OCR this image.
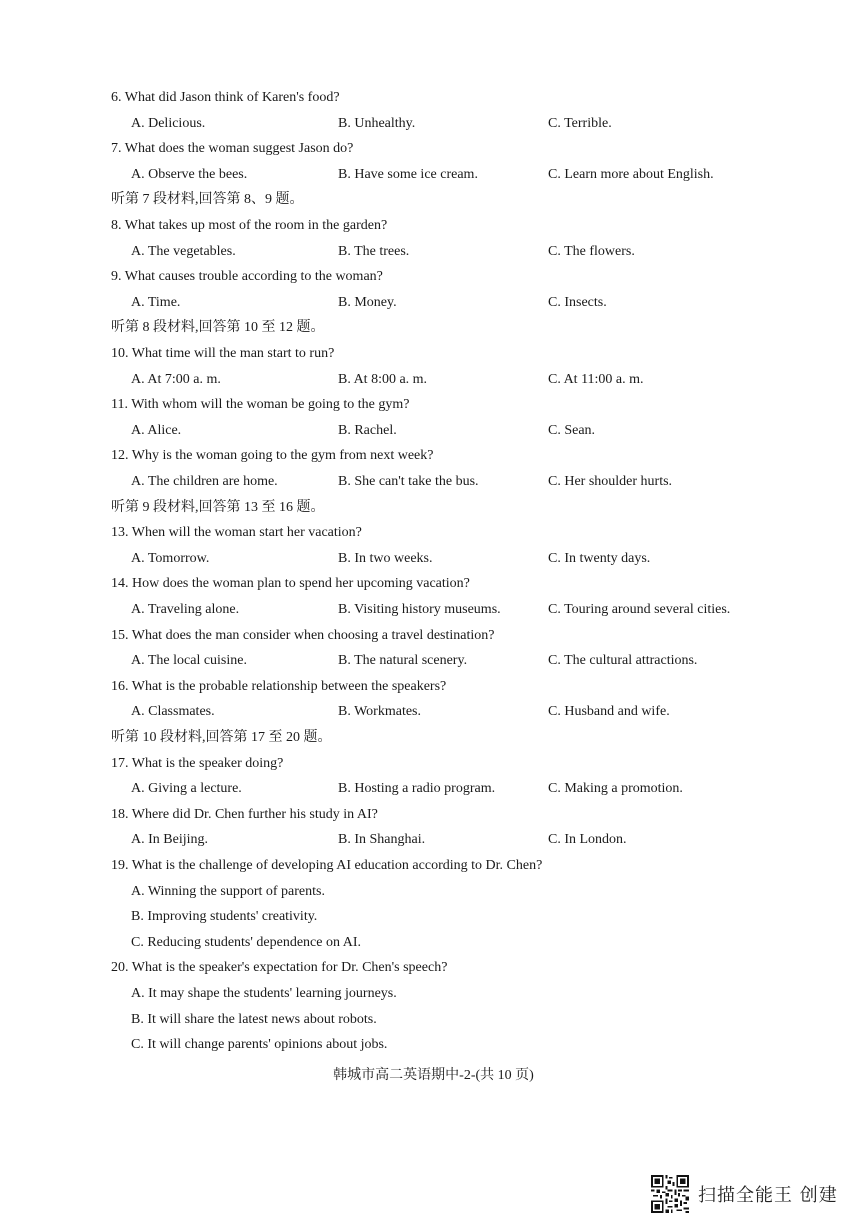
6. What did Jason think of Karen's food?
A. Delicious.	B. Unhealthy.	C. Terrible.
7. What does the woman suggest Jason do?
A. Observe the bees.	B. Have some ice cream.	C. Learn more about English.
听第 7 段材料,回答第 8、9 题。
8. What takes up most of the room in the garden?
A. The vegetables.	B. The trees.	C. The flowers.
9. What causes trouble according to the woman?
A. Time.	B. Money.	C. Insects.
听第 8 段材料,回答第 10 至 12 题。
10. What time will the man start to run?
A. At 7:00 a. m.	B. At 8:00 a. m.	C. At 11:00 a. m.
11. With whom will the woman be going to the gym?
A. Alice.	B. Rachel.	C. Sean.
12. Why is the woman going to the gym from next week?
A. The children are home.	B. She can't take the bus.	C. Her shoulder hurts.
听第 9 段材料,回答第 13 至 16 题。
13. When will the woman start her vacation?
A. Tomorrow.	B. In two weeks.	C. In twenty days.
14. How does the woman plan to spend her upcoming vacation?
A. Traveling alone.	B. Visiting history museums.	C. Touring around several cities.
15. What does the man consider when choosing a travel destination?
A. The local cuisine.	B. The natural scenery.	C. The cultural attractions.
16. What is the probable relationship between the speakers?
A. Classmates.	B. Workmates.	C. Husband and wife.
听第 10 段材料,回答第 17 至 20 题。
17. What is the speaker doing?
A. Giving a lecture.	B. Hosting a radio program.	C. Making a promotion.
18. Where did Dr. Chen further his study in AI?
A. In Beijing.	B. In Shanghai.	C. In London.
19. What is the challenge of developing AI education according to Dr. Chen?
A. Winning the support of parents.
B. Improving students' creativity.
C. Reducing students' dependence on AI.
20. What is the speaker's expectation for Dr. Chen's speech?
A. It may shape the students' learning journeys.
B. It will share the latest news about robots.
C. It will change parents' opinions about jobs.
韩城市高二英语期中-2-(共 10 页)
扫描全能王 创建
